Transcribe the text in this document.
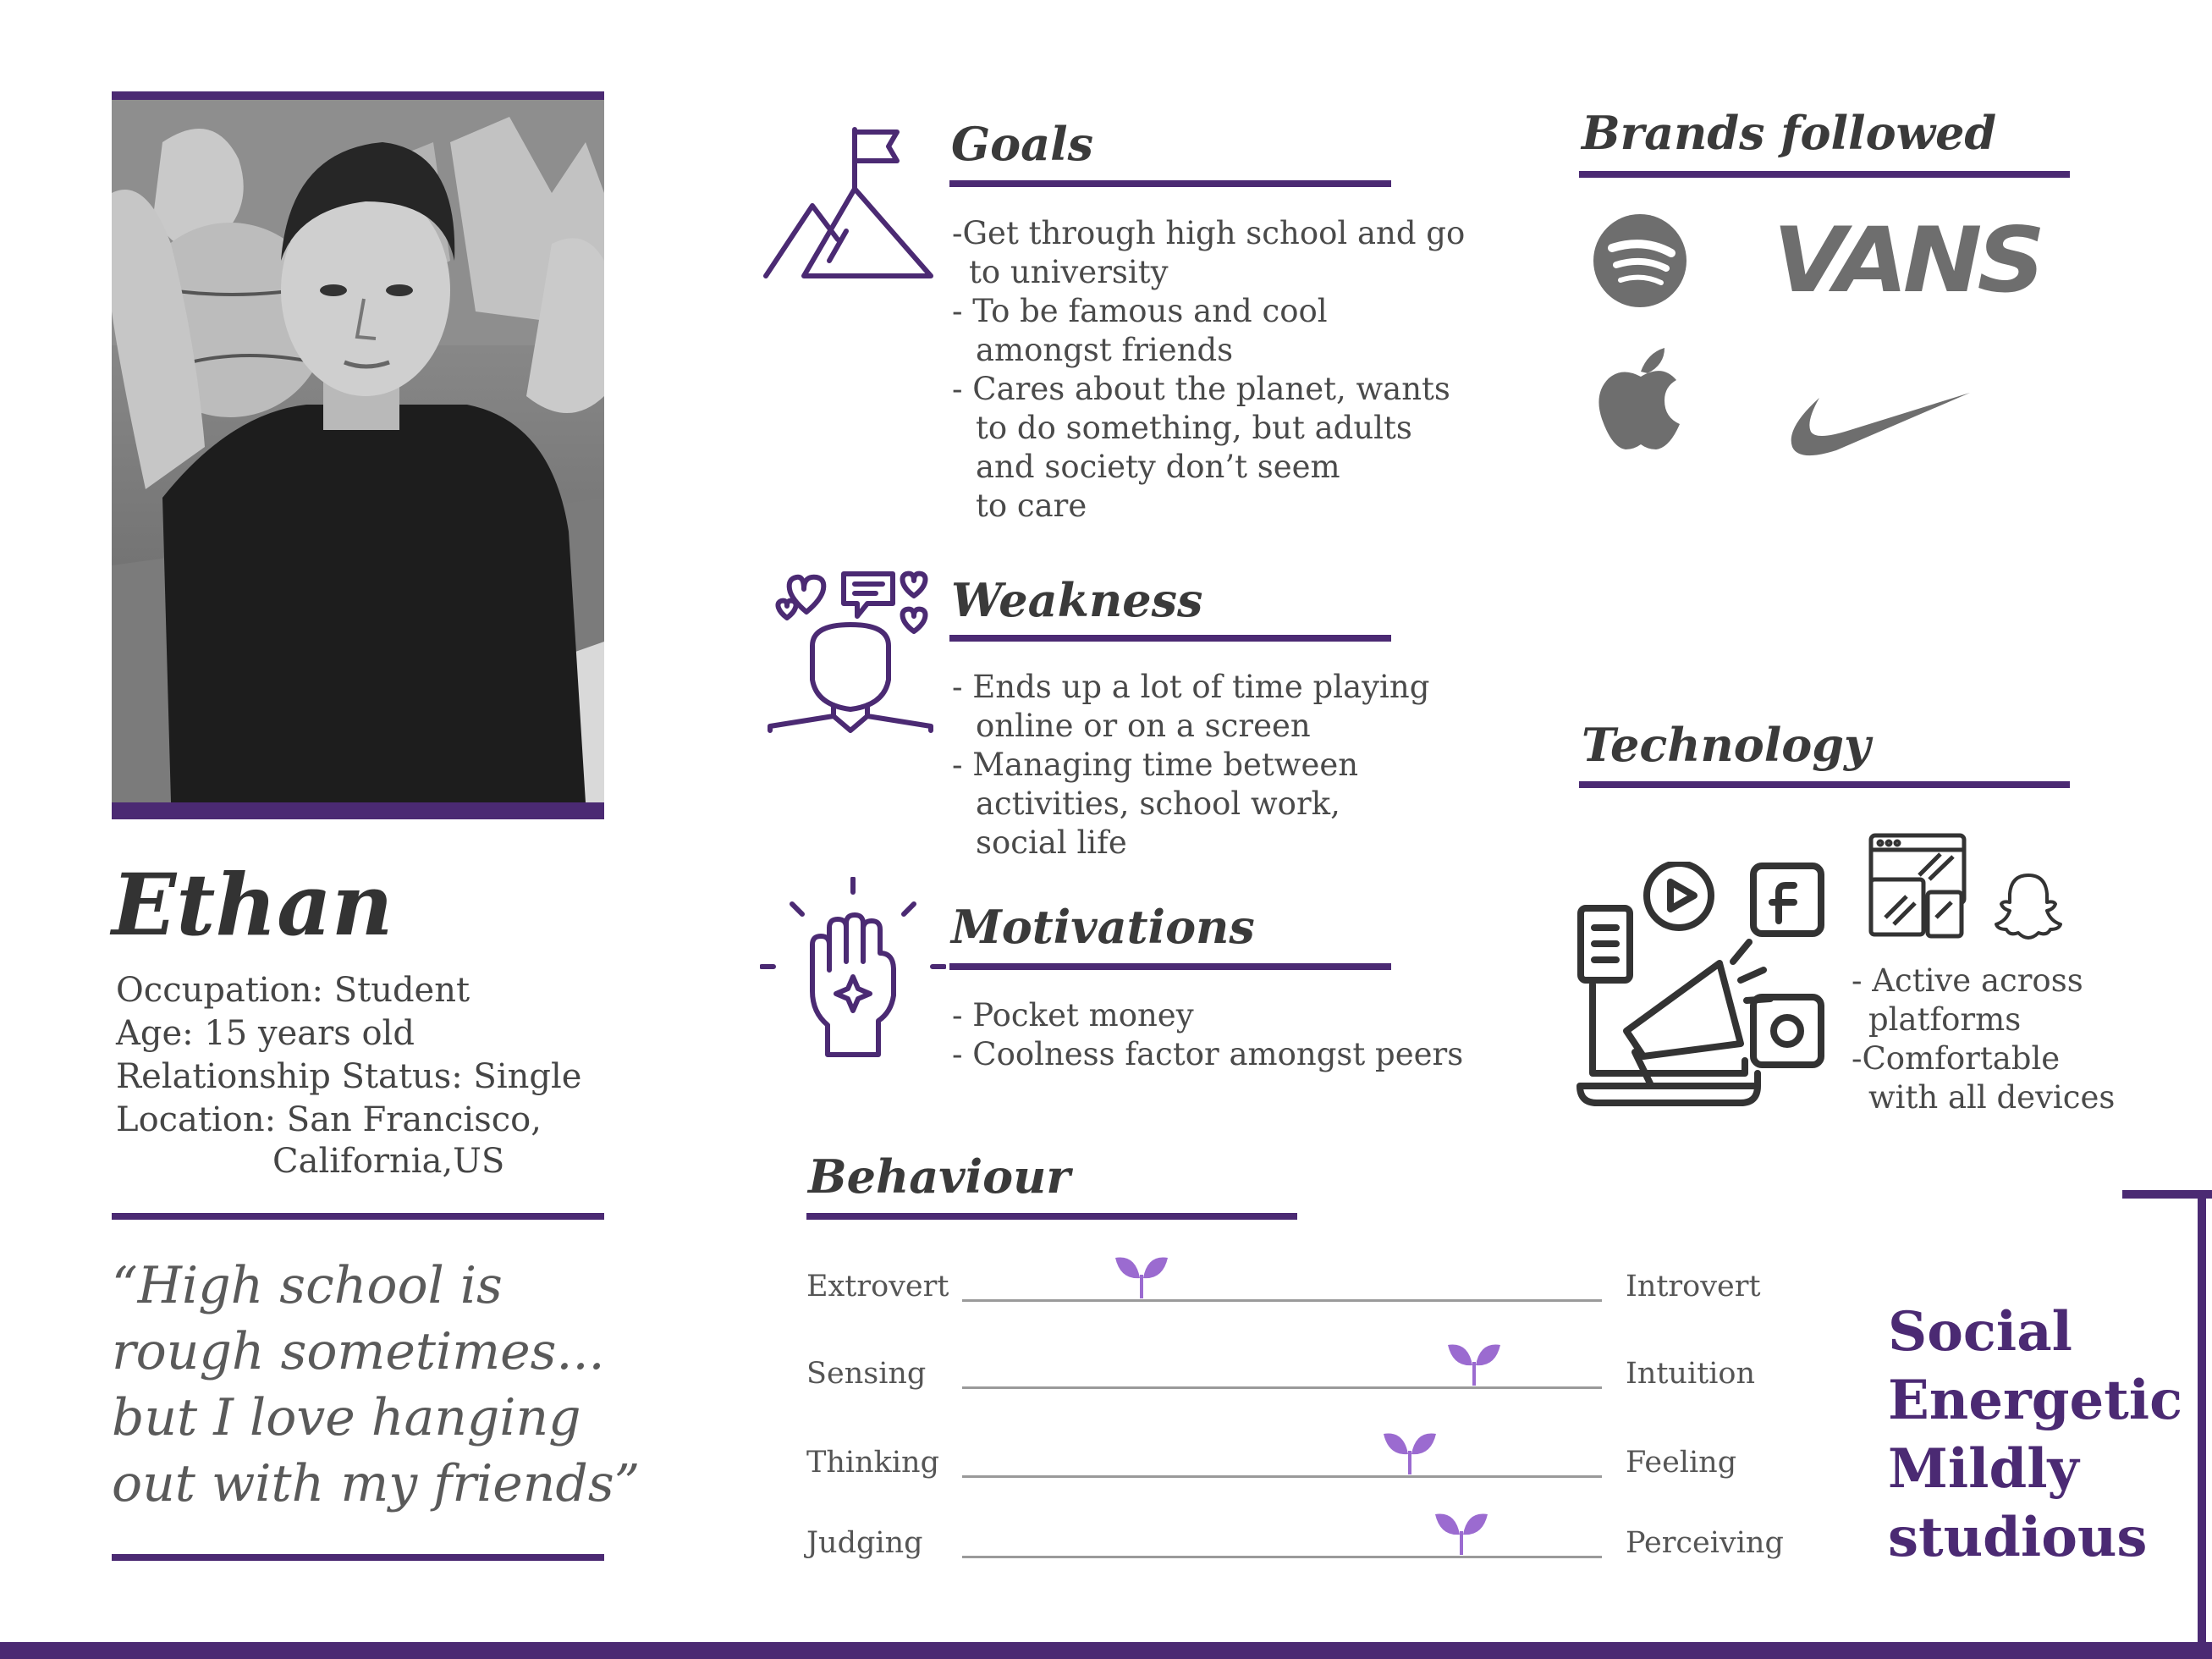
Ethan
Occupation: Student
Age: 15 years old
Relationship Status: Single
Location: San Francisco,
California,US
“High school is
rough sometimes...
but I love hanging
out with my friends”
Goals
-Get through high school and go
to university
- To be famous and cool
amongst friends
- Cares about the planet, wants
to do something, but adults
and society don’t seem
to care
Weakness
- Ends up a lot of time playing
online or on a screen
- Managing time between
activities, school work,
social life
Motivations
- Pocket money
- Coolness factor amongst peers
Behaviour
Extrovert	Introvert
Sensing	Intuition
Thinking	Feeling
Judging	Perceiving
Brands followed
VANS
Technology
- Active across
platforms
-Comfortable
with all devices
Social
Energetic
Mildly
studious
